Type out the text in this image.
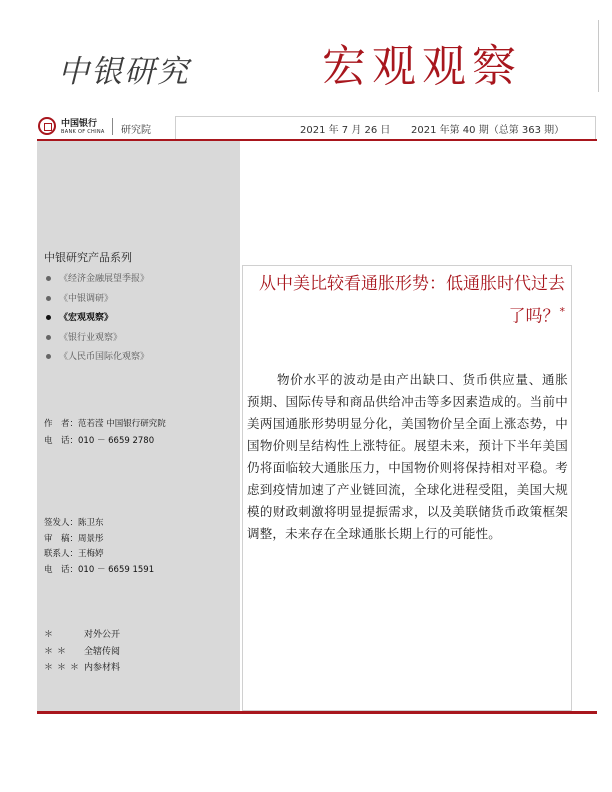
中银研究	宏观观察
中国银行
BANK OF CHINA 研究院	2021 年 7 月 26 日 2021 年第 40 期（总第 363 期）
中银研究产品系列
《经济金融展望季报》
《中银调研》
《宏观观察》
《银行业观察》
《人民币国际化观察》
作　者：范若滢 中国银行研究院
电　话：010 － 6659 2780
签发人：陈卫东
审　稿：周景彤
联系人：王梅婷
电　话：010 － 6659 1591
＊	对外公开
＊＊ 全辖传阅
＊＊＊内参材料
从中美比较看通胀形势：低通胀时代过去了吗？*

物价水平的波动是由产出缺口、货币供应量、通胀预期、国际传导和商品供给冲击等多因素造成的。当前中美两国通胀形势明显分化，美国物价呈全面上涨态势，中国物价则呈结构性上涨特征。展望未来，预计下半年美国仍将面临较大通胀压力，中国物价则将保持相对平稳。考虑到疫情加速了产业链回流，全球化进程受阻，美国大规模的财政刺激将明显提振需求，以及美联储货币政策框架调整，未来存在全球通胀长期上行的可能性。
